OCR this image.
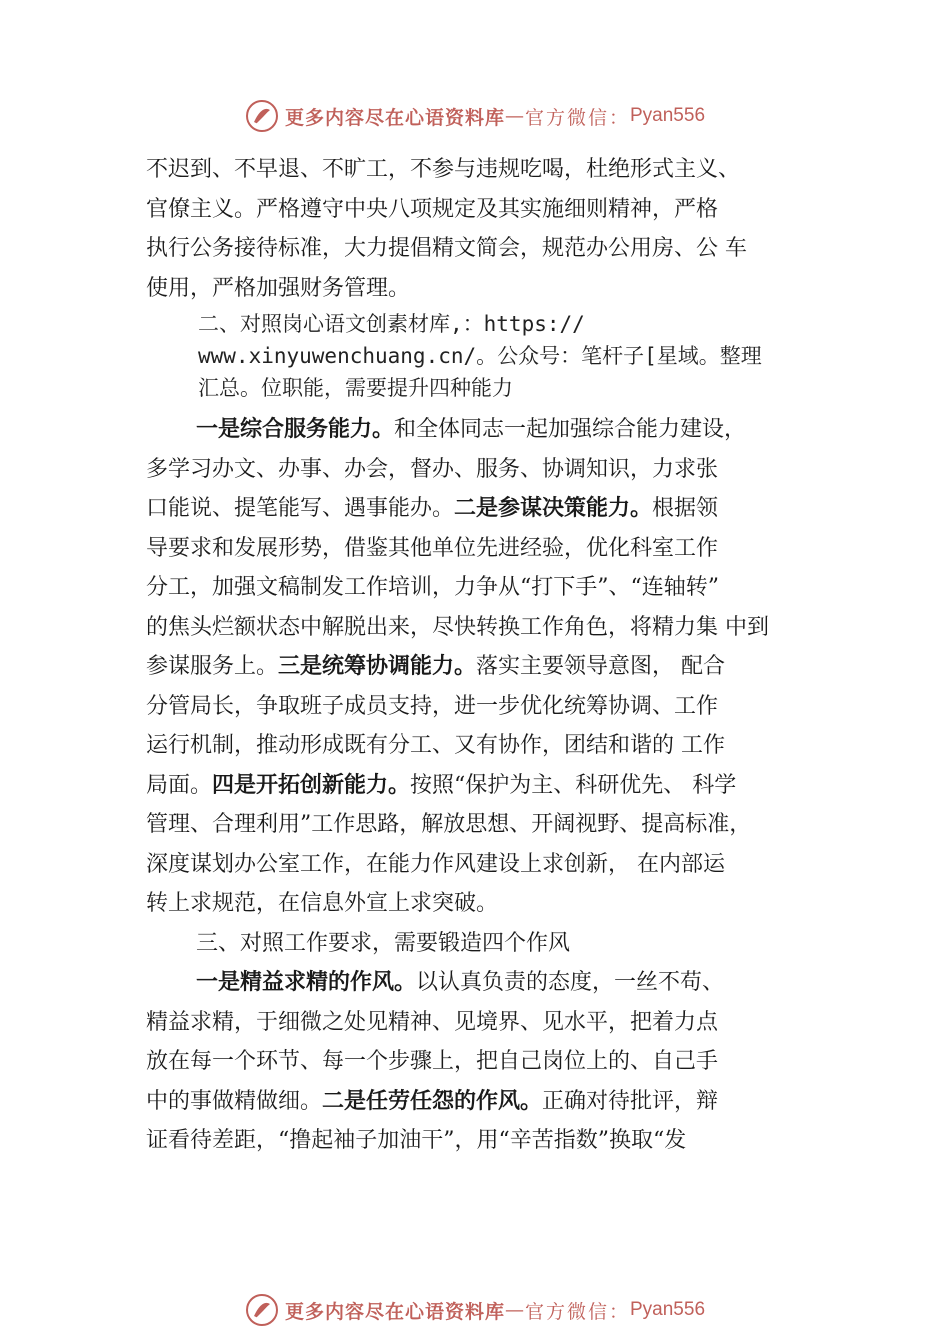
更多内容尽在心语资料库 — 官方微信： Pyan556
不迟到、不早退、不旷工，不参与违规吃喝，杜绝形式主义、
官僚主义。严格遵守中央八项规定及其实施细则精神，严格
执行公务接待标准，大力提倡精文简会，规范办公用房、公 车
使用，严格加强财务管理。
二、对照岗心语文创素材库,：https://
www.xinyuwenchuang.cn/。公众号：笔杆子[星域。整理
汇总。位职能，需要提升四种能力
一是综合服务能力。和全体同志一起加强综合能力建设，
多学习办文、办事、办会，督办、服务、协调知识，力求张
口能说、提笔能写、遇事能办。二是参谋决策能力。根据领
导要求和发展形势，借鉴其他单位先进经验，优化科室工作
分工，加强文稿制发工作培训，力争从“打下手”、“连轴转”
的焦头烂额状态中解脱出来，尽快转换工作角色，将精力集 中到
参谋服务上。三是统筹协调能力。落实主要领导意图， 配合
分管局长，争取班子成员支持，进一步优化统筹协调、工作
运行机制，推动形成既有分工、又有协作，团结和谐的 工作
局面。四是开拓创新能力。按照“保护为主、科研优先、 科学
管理、合理利用”工作思路，解放思想、开阔视野、提高标准，
深度谋划办公室工作，在能力作风建设上求创新， 在内部运
转上求规范，在信息外宣上求突破。
三、对照工作要求，需要锻造四个作风
一是精益求精的作风。以认真负责的态度，一丝不苟、
精益求精，于细微之处见精神、见境界、见水平，把着力点
放在每一个环节、每一个步骤上，把自己岗位上的、自己手
中的事做精做细。二是任劳任怨的作风。正确对待批评，辩
证看待差距，“撸起袖子加油干”，用“辛苦指数”换取“发
更多内容尽在心语资料库 — 官方微信： Pyan556
